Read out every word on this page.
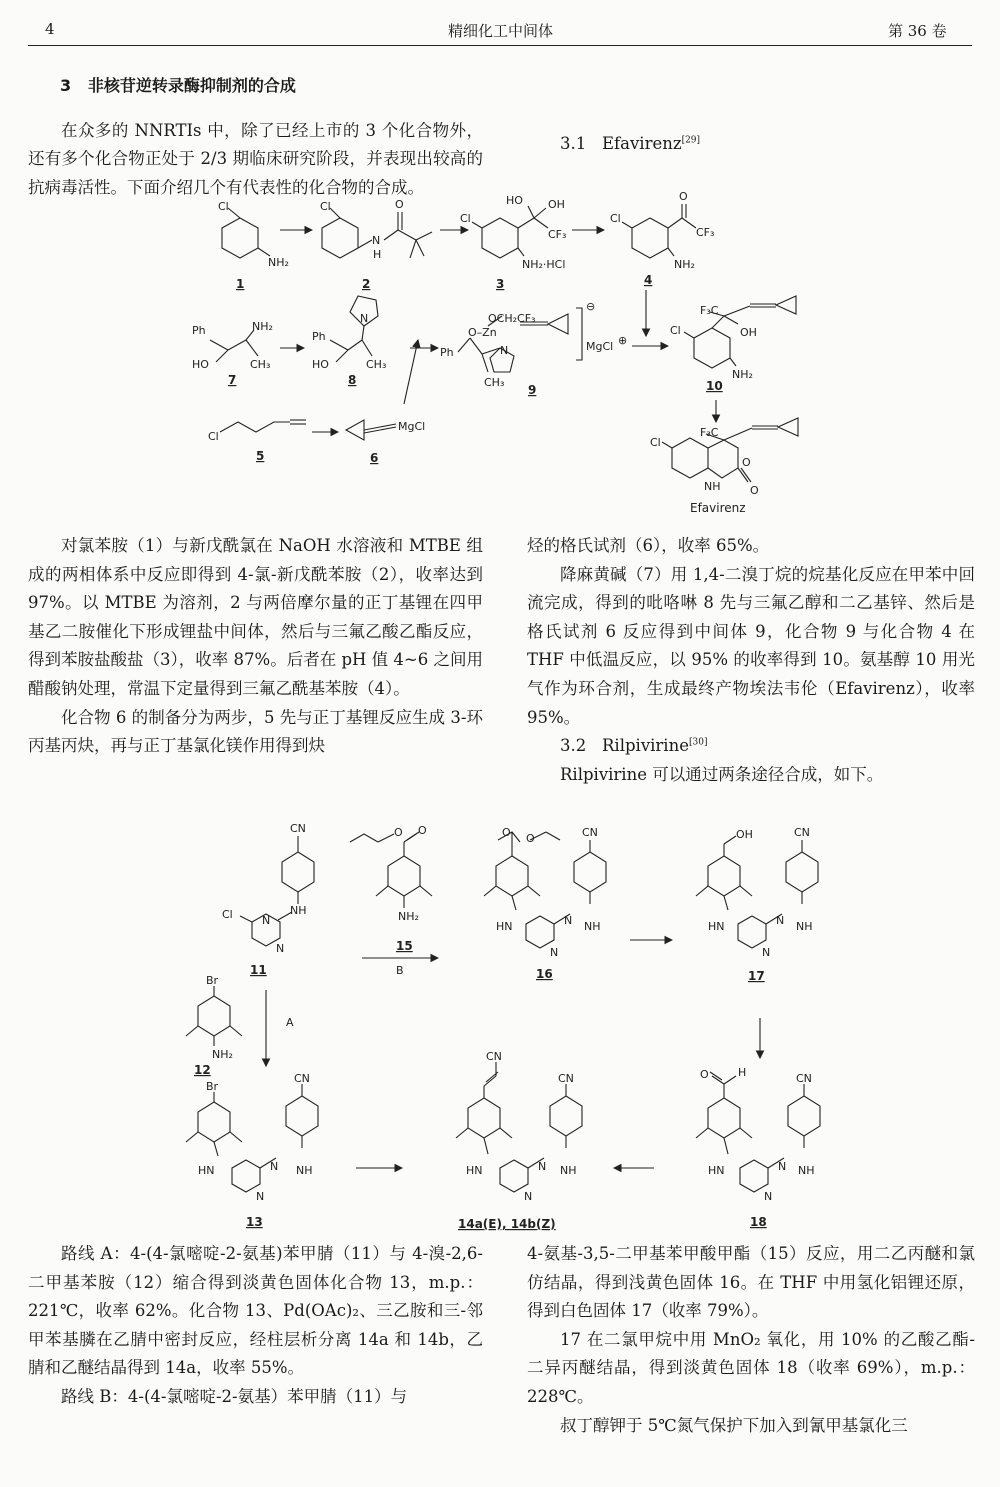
4	精细化工中间体	第 36 卷

3 非核苷逆转录酶抑制剂的合成

在众多的 NNRTIs 中，除了已经上市的 3 个化合物外，还有多个化合物正处于 2/3 期临床研究阶段，并表现出较高的抗病毒活性。下面介绍几个有代表性的化合物的合成。

3.1 Efavirenz[29]

Cl
NH₂
1
Cl
N
H
O
2
Cl
HO OH
CF₃
NH₂·HCl
3
Cl
O
CF₃
NH₂
4
Ph	NH₂
HO	CH₃
7
Ph
N
HO	CH₃
8
OCH₂CF₃
O–Zn
N
Ph
CH₃
⊖
MgCl ⊕
9
Cl
F₃C
OH
NH₂
10
Cl
5
MgCl
6
Cl
F₃C
O
NH	O
Efavirenz

对氯苯胺（1）与新戊酰氯在 NaOH 水溶液和 MTBE 组成的两相体系中反应即得到 4-氯-新戊酰苯胺（2），收率达到 97%。以 MTBE 为溶剂，2 与两倍摩尔量的正丁基锂在四甲基乙二胺催化下形成锂盐中间体，然后与三氟乙酸乙酯反应，得到苯胺盐酸盐（3），收率 87%。后者在 pH 值 4~6 之间用醋酸钠处理，常温下定量得到三氟乙酰基苯胺（4）。

化合物 6 的制备分为两步，5 先与正丁基锂反应生成 3-环丙基丙炔，再与正丁基氯化镁作用得到炔

烃的格氏试剂（6），收率 65%。

降麻黄碱（7）用 1,4-二溴丁烷的烷基化反应在甲苯中回流完成，得到的吡咯啉 8 先与三氟乙醇和二乙基锌、然后是格氏试剂 6 反应得到中间体 9，化合物 9 与化合物 4 在 THF 中低温反应，以 95% 的收率得到 10。氨基醇 10 用光气作为环合剂，生成最终产物埃法韦伦（Efavirenz），收率 95%。

3.2 Rilpivirine[30]

Rilpivirine 可以通过两条途径合成，如下。

CN
NH
Cl	N
N
11
O O
NH₂
15
B
O
O
HN
CN
NH
N
N
16
OH
HN
CN
NH
N
N
17
Br
NH₂
12
A
Br
HN
CN
NH
N
N
13
CN
HN
CN
NH
N
N
14a(E), 14b(Z)
O	H
HN
CN
NH
N
N
18

路线 A：4-(4-氯嘧啶-2-氨基)苯甲腈（11）与 4-溴-2,6-二甲基苯胺（12）缩合得到淡黄色固体化合物 13，m.p.：221℃，收率 62%。化合物 13、Pd(OAc)₂、三乙胺和三-邻甲苯基膦在乙腈中密封反应，经柱层析分离 14a 和 14b，乙腈和乙醚结晶得到 14a，收率 55%。

路线 B：4-(4-氯嘧啶-2-氨基）苯甲腈（11）与

4-氨基-3,5-二甲基苯甲酸甲酯（15）反应，用二乙丙醚和氯仿结晶，得到浅黄色固体 16。在 THF 中用氢化铝锂还原，得到白色固体 17（收率 79%）。

17 在二氯甲烷中用 MnO₂ 氧化，用 10% 的乙酸乙酯-二异丙醚结晶，得到淡黄色固体 18（收率 69%），m.p.：228℃。

叔丁醇钾于 5℃氮气保护下加入到氰甲基氯化三
